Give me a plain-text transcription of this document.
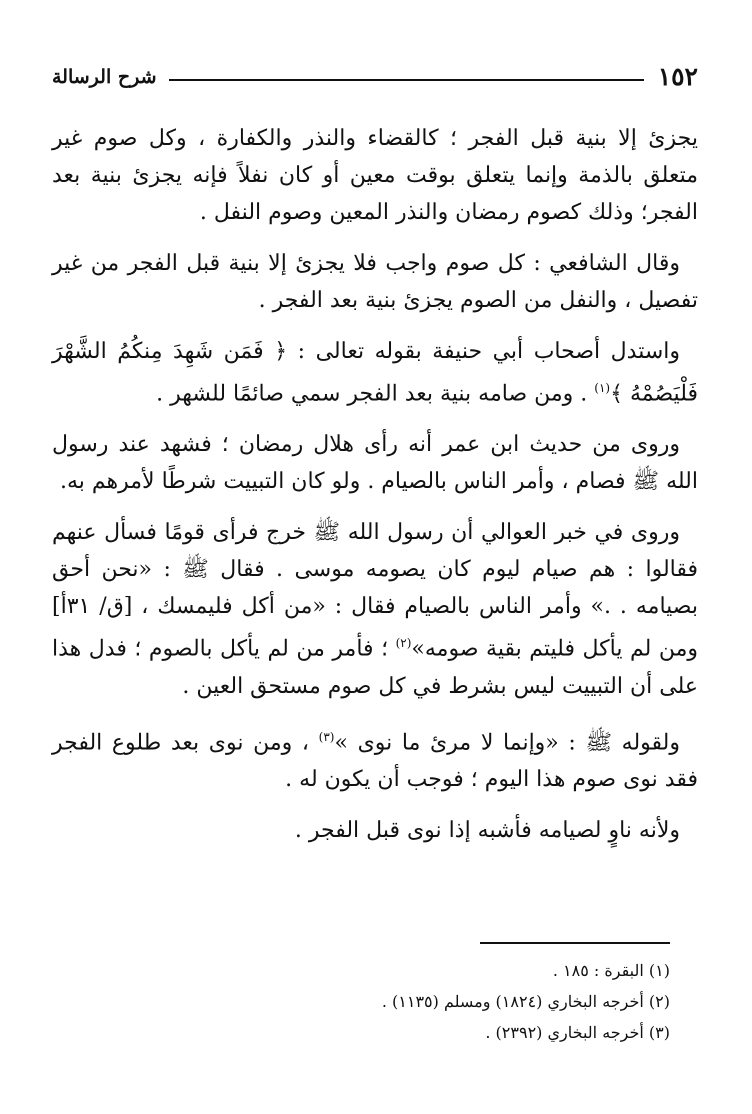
١٥٢
شرح الرسالة

يجزئ إلا بنية قبل الفجر ؛ كالقضاء والنذر والكفارة ، وكل صوم غير متعلق بالذمة وإنما يتعلق بوقت معين أو كان نفلاً فإنه يجزئ بنية بعد الفجر؛ وذلك كصوم رمضان والنذر المعين وصوم النفل .

وقال الشافعي : كل صوم واجب فلا يجزئ إلا بنية قبل الفجر من غير تفصيل ، والنفل من الصوم يجزئ بنية بعد الفجر .

واستدل أصحاب أبي حنيفة بقوله تعالى : ﴿ فَمَن شَهِدَ مِنكُمُ الشَّهْرَ فَلْيَصُمْهُ ﴾$^{(١)}$ . ومن صامه بنية بعد الفجر سمي صائمًا للشهر .

وروى من حديث ابن عمر أنه رأى هلال رمضان ؛ فشهد عند رسول الله ﷺ فصام ، وأمر الناس بالصيام . ولو كان التبييت شرطًا لأمرهم به.

وروى في خبر العوالي أن رسول الله ﷺ خرج فرأى قومًا فسأل عنهم فقالوا : هم صيام ليوم كان يصومه موسى . فقال ﷺ : «نحن أحق بصيامه . .» وأمر الناس بالصيام فقال : «من أكل فليمسك ، [ق/ ٣١أ] ومن لم يأكل فليتم بقية صومه»$^{(٢)}$ ؛ فأمر من لم يأكل بالصوم ؛ فدل هذا على أن التبييت ليس بشرط في كل صوم مستحق العين .

ولقوله ﷺ : «وإنما لا مرئ ما نوى »$^{(٣)}$ ، ومن نوى بعد طلوع الفجر فقد نوى صوم هذا اليوم ؛ فوجب أن يكون له .

ولأنه ناوٍ لصيامه فأشبه إذا نوى قبل الفجر .

(١) البقرة : ١٨٥ .

(٢) أخرجه البخاري (١٨٢٤) ومسلم (١١٣٥) .

(٣) أخرجه البخاري (٢٣٩٢) .
